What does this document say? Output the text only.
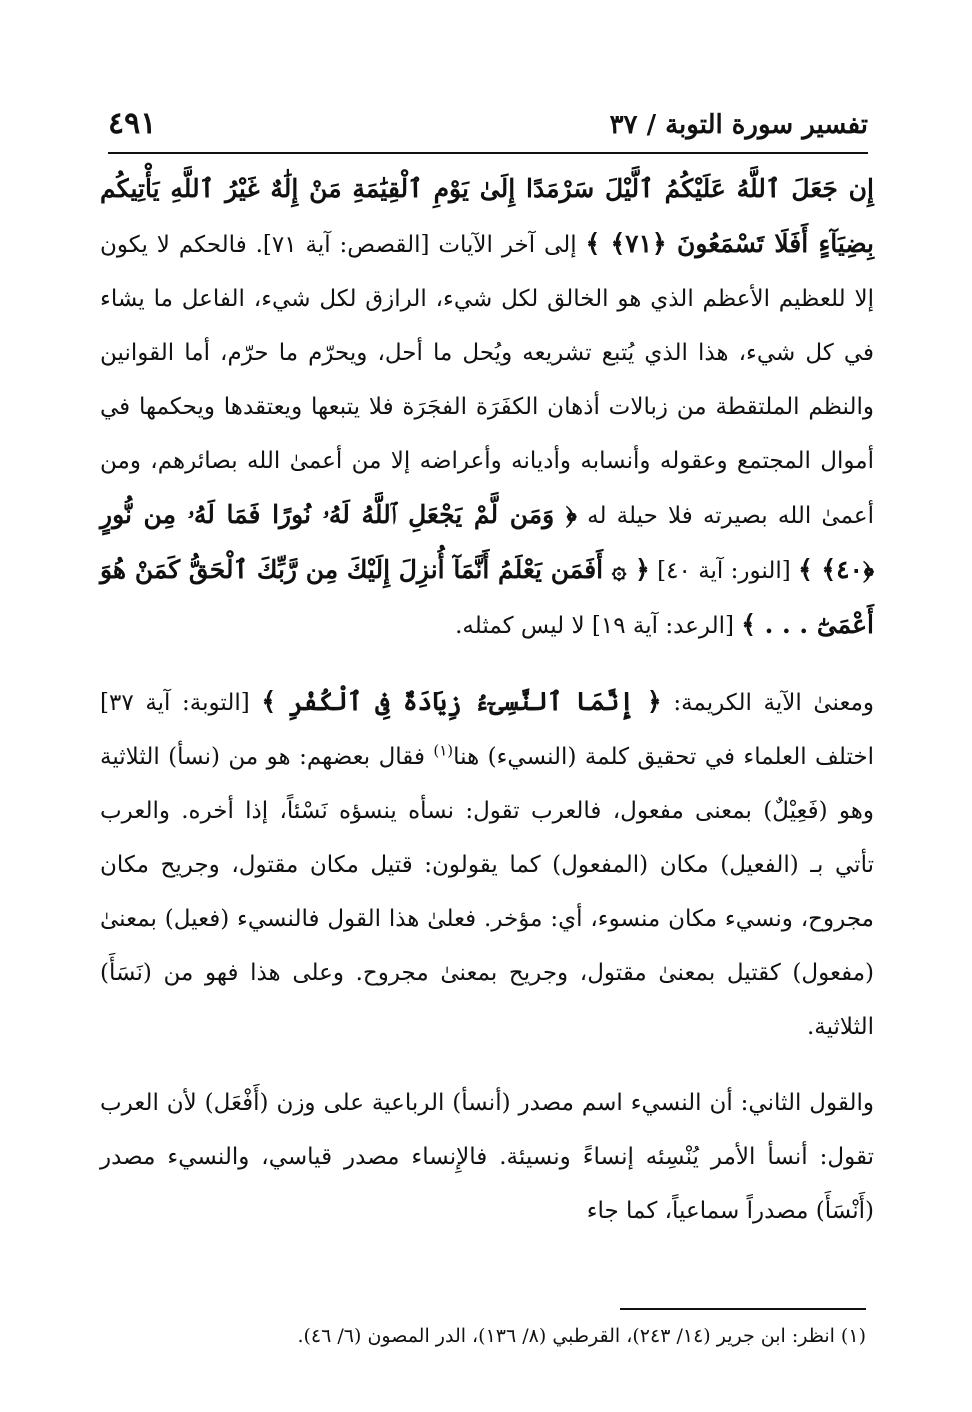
تفسير سورة التوبة / ٣٧
٤٩١

إِن جَعَلَ ٱللَّهُ عَلَيْكُمُ ٱلَّيْلَ سَرْمَدًا إِلَىٰ يَوْمِ ٱلْقِيَٰمَةِ مَنْ إِلَٰهٌ غَيْرُ ٱللَّهِ يَأْتِيكُم بِضِيَآءٍ أَفَلَا تَسْمَعُونَ ﴿٧١﴾ ﴾ إلى آخر الآيات [القصص: آية ٧١]. فالحكم لا يكون إلا للعظيم الأعظم الذي هو الخالق لكل شيء، الرازق لكل شيء، الفاعل ما يشاء في كل شيء، هذا الذي يُتبع تشريعه ويُحل ما أحل، ويحرّم ما حرّم، أما القوانين والنظم الملتقطة من زبالات أذهان الكفَرَة الفجَرَة فلا يتبعها ويعتقدها ويحكمها في أموال المجتمع وعقوله وأنسابه وأديانه وأعراضه إلا من أعمىٰ الله بصائرهم، ومن أعمىٰ الله بصيرته فلا حيلة له ﴿ وَمَن لَّمْ يَجْعَلِ ٱللَّهُ لَهُۥ نُورًا فَمَا لَهُۥ مِن نُّورٍ ﴿٤٠﴾ ﴾ [النور: آية ٤٠] ﴿ ۞ أَفَمَن يَعْلَمُ أَنَّمَآ أُنزِلَ إِلَيْكَ مِن رَّبِّكَ ٱلْحَقُّ كَمَنْ هُوَ أَعْمَىٰٓ . . . ﴾ [الرعد: آية ١٩] لا ليس كمثله.

ومعنىٰ الآية الكريمة: ﴿ إِنَّمَا ٱلنَّسِىٓءُ زِيَادَةٌ فِى ٱلْكُفْرِ ﴾ [التوبة: آية ٣٧] اختلف العلماء في تحقيق كلمة (النسيء) هنا$^{(١)}$ فقال بعضهم: هو من (نسأ) الثلاثية وهو (فَعِيْلٌ) بمعنى مفعول، فالعرب تقول: نسأه ينسؤه نَسْئاً، إذا أخره. والعرب تأتي بـ (الفعيل) مكان (المفعول) كما يقولون: قتيل مكان مقتول، وجريح مكان مجروح، ونسيء مكان منسوء، أي: مؤخر. فعلىٰ هذا القول فالنسيء (فعيل) بمعنىٰ (مفعول) كقتيل بمعنىٰ مقتول، وجريح بمعنىٰ مجروح. وعلى هذا فهو من (نَسَأَ) الثلاثية.

والقول الثاني: أن النسيء اسم مصدر (أنسأ) الرباعية على وزن (أَفْعَل) لأن العرب تقول: أنسأ الأمر يُنْسِئه إنساءً ونسيئة. فالإِنساء مصدر قياسي، والنسيء مصدر (أَنْسَأَ) مصدراً سماعياً، كما جاء

(١) انظر: ابن جرير (١٤/ ٢٤٣)، القرطبي (٨/ ١٣٦)، الدر المصون (٦/ ٤٦).
